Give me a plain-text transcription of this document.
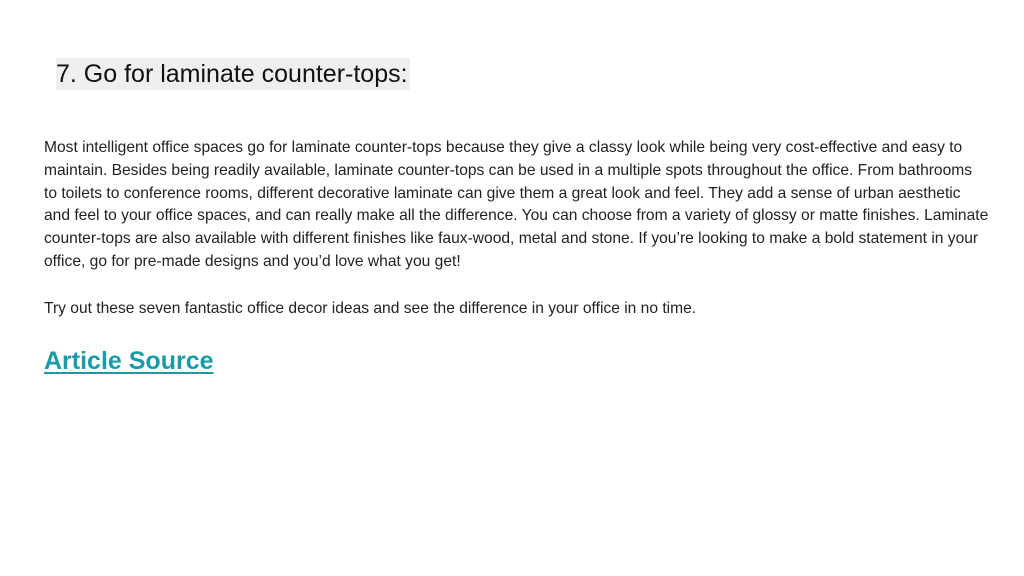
7. Go for laminate counter-tops:
Most intelligent office spaces go for laminate counter-tops because they give a classy look while being very cost-effective and easy to maintain. Besides being readily available, laminate counter-tops can be used in a multiple spots throughout the office. From bathrooms to toilets to conference rooms, different decorative laminate can give them a great look and feel. They add a sense of urban aesthetic and feel to your office spaces, and can really make all the difference. You can choose from a variety of glossy or matte finishes. Laminate counter-tops are also available with different finishes like faux-wood, metal and stone. If you’re looking to make a bold statement in your office, go for pre-made designs and you’d love what you get!
Try out these seven fantastic office decor ideas and see the difference in your office in no time.
Article Source
